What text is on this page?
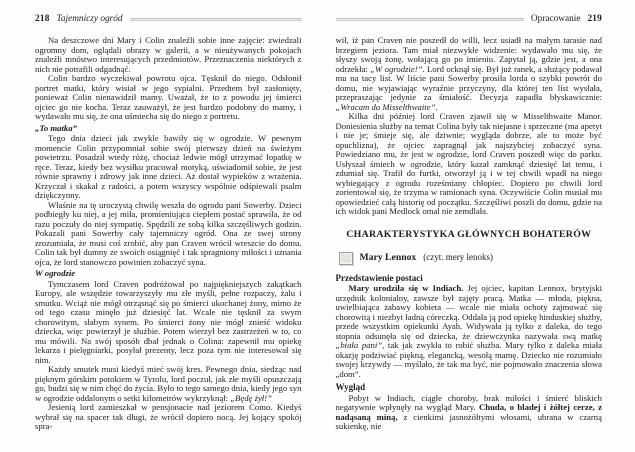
218 Tajemniczy ogród

Na deszczowe dni Mary i Colin znaleźli sobie inne zajęcie: zwiedzali ogromny dom, oglądali obrazy w galerii, a w nieużywanych pokojach znaleźli mnóstwo interesujących przedmiotów. Przeznaczenia niektórych z nich nie potrafili odgadnąć.

Colin bardzo wyczekiwał powrotu ojca. Tęsknił do niego. Odsłonił portret matki, który wisiał w jego sypialni. Przedtem był zasłonięty, ponieważ Colin nienawidził mamy. Uważał, że to z powodu jej śmierci ojciec go nie kocha. Teraz zauważył, że jest bardzo podobny do mamy, i wydawało mu się, że ona uśmiecha się do niego z portretu.

„To matka”

Tego dnia dzieci jak zwykle bawiły się w ogrodzie. W pewnym momencie Colin przypomniał sobie swój pierwszy dzień na świeżym powietrzu. Posadził wtedy różę, chociaż ledwie mógł utrzymać łopatkę w ręce. Teraz, kiedy bez wysiłku pracował motyką, uświadomił sobie, że jest równie sprawny i zdrowy jak inne dzieci. Aż dostał wypieków z wrażenia. Krzyczał i skakał z radości, a potem wszyscy wspólnie odśpiewali psalm dziękczynny.

Właśnie na tę uroczystą chwilę weszła do ogrodu pani Sowerby. Dzieci podbiegły ku niej, a jej miła, promieniująca ciepłem postać sprawiła, że od razu poczuły do niej sympatię. Spędzili ze sobą kilka szczęśliwych godzin. Pokazali pani Sowerby cały tajemniczy ogród. Ona ze swej strony zrozumiała, że musi coś zrobić, aby pan Craven wrócił wreszcie do domu. Colin tak był dumny ze swoich osiągnięć i tak spragniony miłości i uznania ojca, że lord stanowczo powinien zobaczyć syna.

W ogrodzie

Tymczasem lord Craven podróżował po najpiękniejszych zakątkach Europy, ale wszędzie towarzyszyły mu złe myśli, pełne rozpaczy, żalu i smutku. Wciąż nie mógł otrząsnąć się po śmierci ukochanej żony, mimo że od tego czasu minęło już dziesięć lat. Wcale nie tęsknił za swym chorowitym, słabym synem. Po śmierci żony nie mógł znieść widoku dziecka, więc powierzył je służbie. Potem wierzył bez zastrzeżeń w to, co mu mówili. Na swój sposób dbał jednak o Colina: zapewnił mu opiekę lekarza i pielęgniarki, posyłał prezenty, lecz poza tym nie interesował się nim.

Każdy smutek musi kiedyś mieć swój kres. Pewnego dnia, siedząc nad pięknym górskim potokiem w Tyrolu, lord poczuł, jak złe myśli opuszczają go, budzi się w nim chęć do życia. Było to tego samego dnia, kiedy jego syn w ogrodzie oddalonym o setki kilometrów wykrzyknął: „Będę żył!”

Jesienią lord zamieszkał w pensjonacie nad jeziorem Como. Kiedyś wybrał się na spacer tak długi, że wrócił dopiero nocą. Jej kojący spokój spra-

Opracowanie 219

wił, iż pan Craven nie poszedł do willi, lecz usiadł na małym tarasie nad brzegiem jeziora. Tam miał niezwykłe widzenie: wydawało mu się, że słyszy swoją żonę, wołającą go po imieniu. Zapytał ją, gdzie jest, a ona odrzekła: „W ogrodzie!”. Lord ocknął się. Był już ranek, a służący podawał mu na tacy list. W liście pani Sowerby prosiła lorda o szybki powrót do domu, nie wyjawiając wyraźnie przyczyny, dla której ten list wysłała, przepraszając jedynie za śmiałość. Decyzja zapadła błyskawicznie: „Wracam do Misselthwaite”.

Kilka dni później lord Craven zjawił się w Misselthwaite Manor. Doniesienia służby na temat Colina były tak niejasne i sprzeczne (ma apetyt i nie je; śmieje się, ale dziwnie; wygląda dobrze, ale to może być opuchlizna), że ojciec zapragnął jak najszybciej zobaczyć syna. Powiedziano mu, że jest w ogrodzie, lord Craven poszedł więc do parku. Usłyszał śmiech w ogrodzie, który kazał zamknąć dziesięć lat temu, i zdumiał się. Trafił do furtki, otworzył ją i w tej chwili wpadł na niego wybiegający z ogrodu roześmiany chłopiec. Dopiero po chwili lord zorientował się, że trzyma w ramionach syna. Oczywiście Colin musiał mu opowiedzieć całą historię od początku. Szczęśliwi poszli do domu, gdzie na ich widok pani Medlock omal nie zemdlała.

CHARAKTERYSTYKA GŁÓWNYCH BOHATERÓW
Mary Lennox (czyt. mery lenoks)
Przedstawienie postaci

Mary urodziła się w Indiach. Jej ojciec, kapitan Lennox, brytyjski urzędnik kolonialny, zawsze był zajęty pracą. Matka — młoda, piękna, uwielbiająca zabawy kobieta — wcale nie miała ochoty zajmować się chorowitą i niezbyt ładną córeczką. Oddała ją pod opiekę hinduskiej służby, przede wszystkim opiekunki Ayah. Widywała ją tylko z daleka, do tego stopnia odsunęła się od dziecka, że dziewczynka nazywała swą matkę „biała pani”, tak jak zwykła to robić służba. Mary tylko z daleka miała okazję podziwiać piękną, elegancką, wesołą mamę. Dziecko nie rozumiało swojej krzywdy — myślało, że tak ma być, nie pojmowało znaczenia słowa „dom”.

Wygląd

Pobyt w Indiach, ciągłe choroby, brak miłości i śmierć bliskich negatywnie wpłynęły na wygląd Mary. Chuda, o bladej i żółtej cerze, z nadąsaną miną, z cienkimi jasnożółtymi włosami, ubrana w czarną sukienkę, nie
